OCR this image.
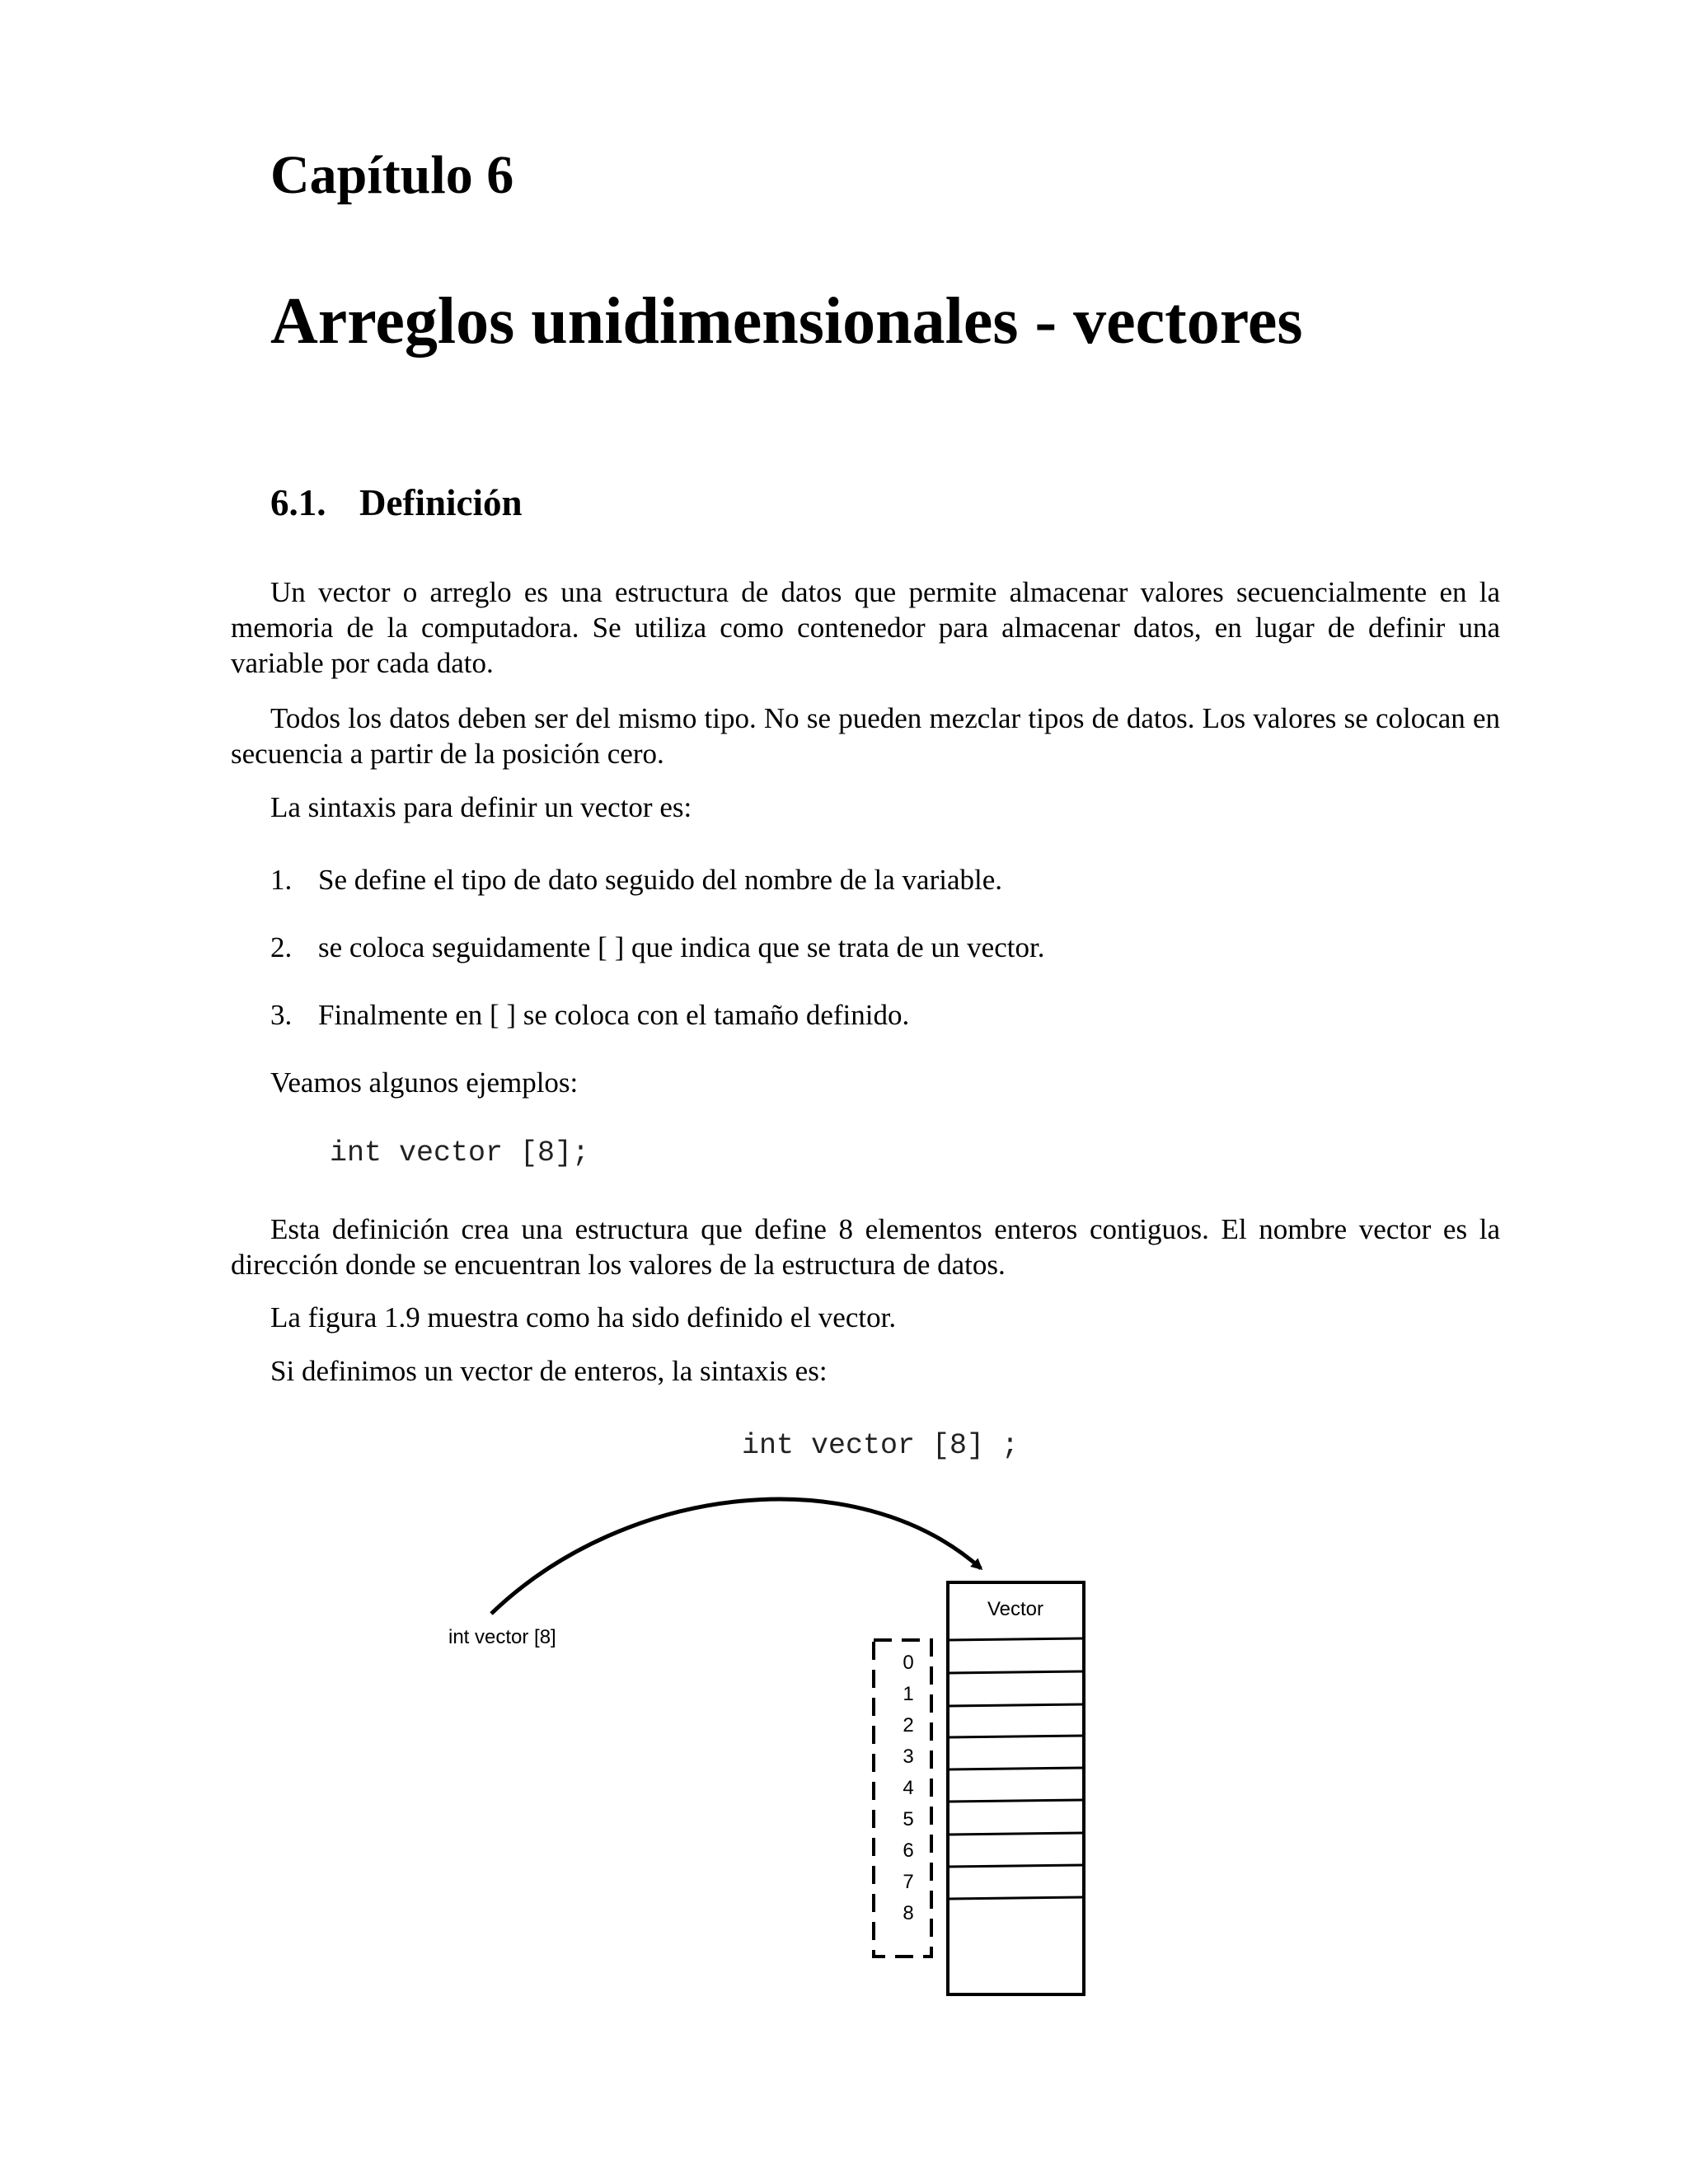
Capítulo 6
Arreglos unidimensionales - vectores
6.1. Definición

Un vector o arreglo es una estructura de datos que permite almacenar valores secuencialmente en la memoria de la computadora. Se utiliza como contenedor para almacenar datos, en lugar de definir una variable por cada dato.

Todos los datos deben ser del mismo tipo. No se pueden mezclar tipos de datos. Los valores se colocan en secuencia a partir de la posición cero.

La sintaxis para definir un vector es:

1. Se define el tipo de dato seguido del nombre de la variable.
2. se coloca seguidamente [ ] que indica que se trata de un vector.
3. Finalmente en [ ] se coloca con el tamaño definido.

Veamos algunos ejemplos:

int vector [8];

Esta definición crea una estructura que define 8 elementos enteros contiguos. El nombre vector es la dirección donde se encuentran los valores de la estructura de datos.

La figura 1.9 muestra como ha sido definido el vector.

Si definimos un vector de enteros, la sintaxis es:

int vector [8] ;
int vector [8]
Vector
0
1
2
3
4
5
6
7
8
